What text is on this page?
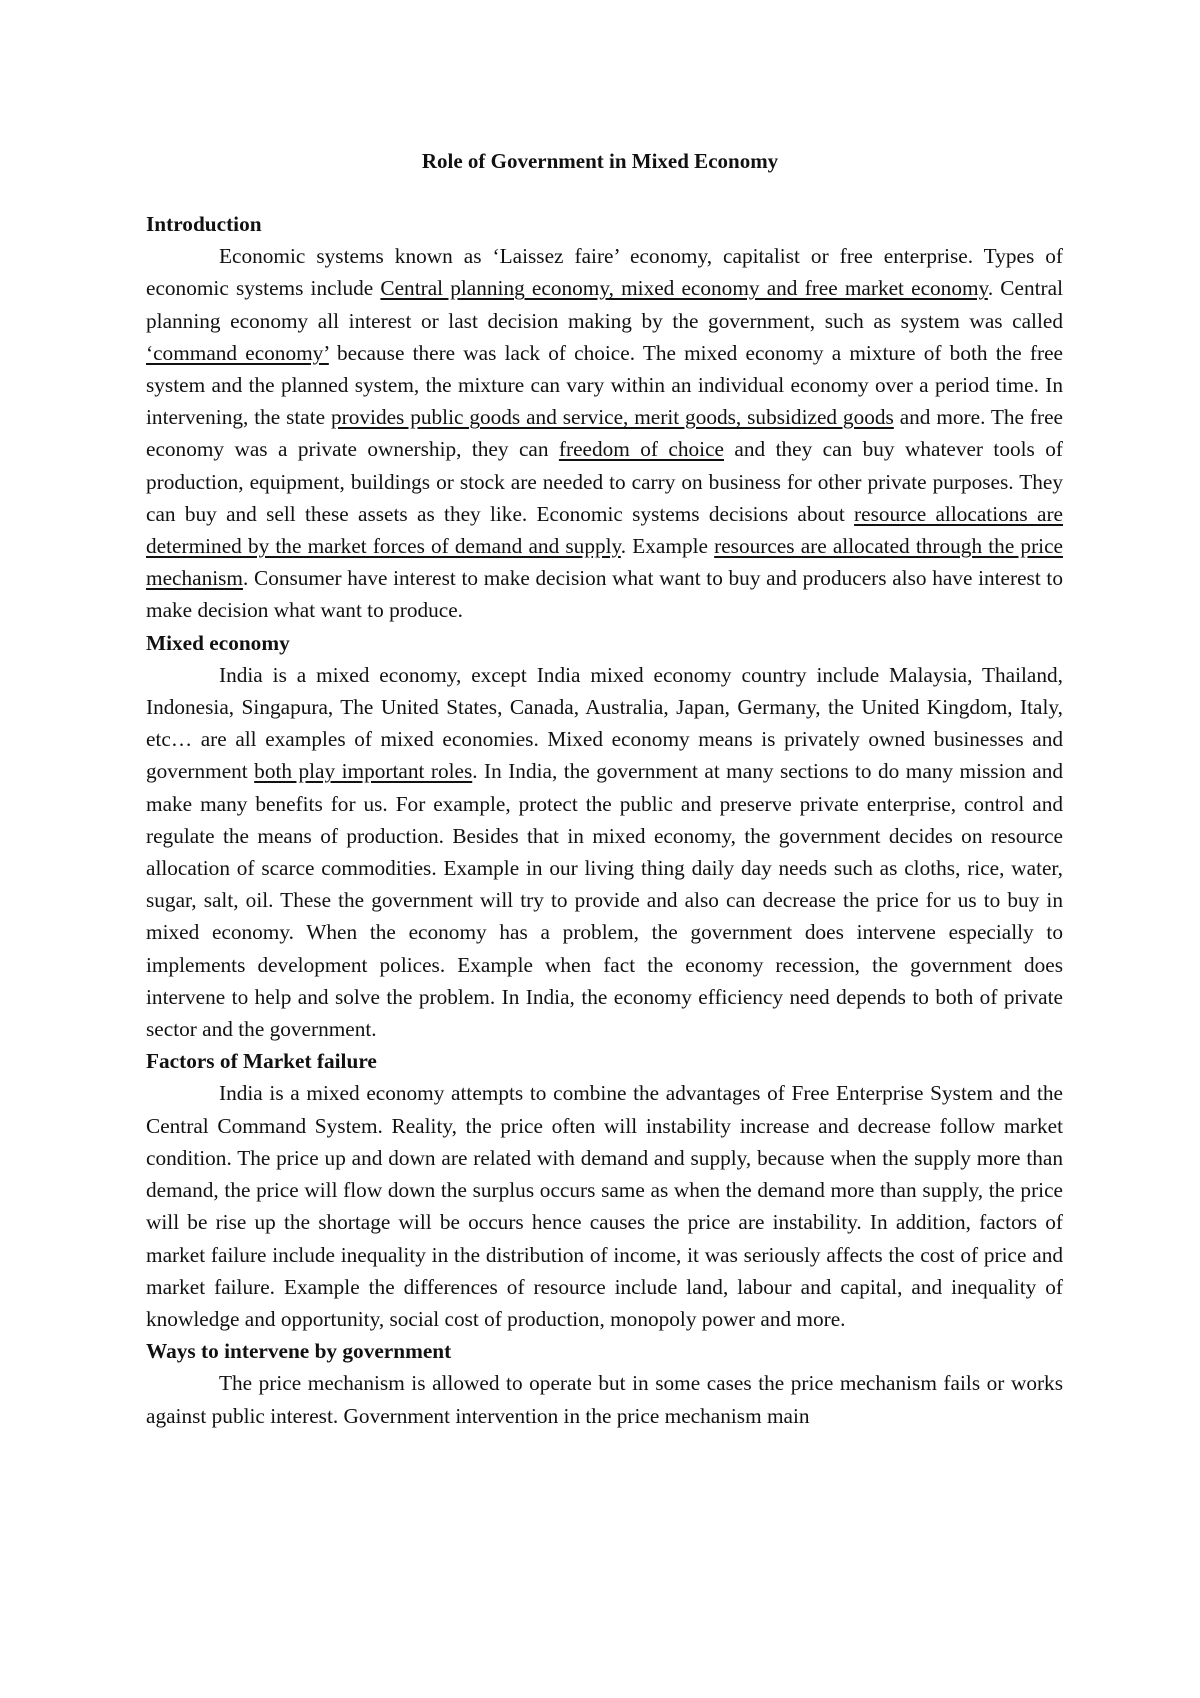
Role of Government in Mixed Economy

Introduction

Economic systems known as ‘Laissez faire’ economy, capitalist or free enterprise. Types of economic systems include Central planning economy, mixed economy and free market economy. Central planning economy all interest or last decision making by the government, such as system was called ‘command economy’ because there was lack of choice. The mixed economy a mixture of both the free system and the planned system, the mixture can vary within an individual economy over a period time. In intervening, the state provides public goods and service, merit goods, subsidized goods and more. The free economy was a private ownership, they can freedom of choice and they can buy whatever tools of production, equipment, buildings or stock are needed to carry on business for other private purposes. They can buy and sell these assets as they like. Economic systems decisions about resource allocations are determined by the market forces of demand and supply. Example resources are allocated through the price mechanism. Consumer have interest to make decision what want to buy and producers also have interest to make decision what want to produce.

Mixed economy

India is a mixed economy, except India mixed economy country include Malaysia, Thailand, Indonesia, Singapura, The United States, Canada, Australia, Japan, Germany, the United Kingdom, Italy, etc… are all examples of mixed economies. Mixed economy means is privately owned businesses and government both play important roles. In India, the government at many sections to do many mission and make many benefits for us. For example, protect the public and preserve private enterprise, control and regulate the means of production. Besides that in mixed economy, the government decides on resource allocation of scarce commodities. Example in our living thing daily day needs such as cloths, rice, water, sugar, salt, oil. These the government will try to provide and also can decrease the price for us to buy in mixed economy. When the economy has a problem, the government does intervene especially to implements development polices. Example when fact the economy recession, the government does intervene to help and solve the problem. In India, the economy efficiency need depends to both of private sector and the government.

Factors of Market failure

India is a mixed economy attempts to combine the advantages of Free Enterprise System and the Central Command System. Reality, the price often will instability increase and decrease follow market condition. The price up and down are related with demand and supply, because when the supply more than demand, the price will flow down the surplus occurs same as when the demand more than supply, the price will be rise up the shortage will be occurs hence causes the price are instability. In addition, factors of market failure include inequality in the distribution of income, it was seriously affects the cost of price and market failure. Example the differences of resource include land, labour and capital, and inequality of knowledge and opportunity, social cost of production, monopoly power and more.

Ways to intervene by government

The price mechanism is allowed to operate but in some cases the price mechanism fails or works against public interest. Government intervention in the price mechanism main
